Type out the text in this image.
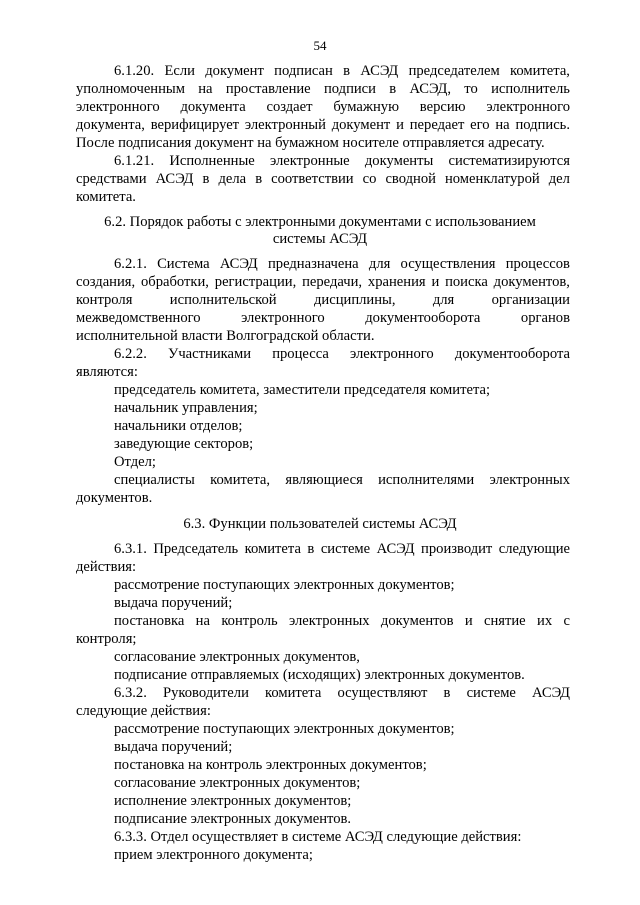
54
6.1.20. Если документ подписан в АСЭД председателем комитета,
уполномоченным на проставление подписи в АСЭД, то исполнитель
электронного документа создает бумажную версию электронного
документа, верифицирует электронный документ и передает его на подпись.
После подписания документ на бумажном носителе отправляется адресату.
6.1.21. Исполненные электронные документы систематизируются
средствами АСЭД в дела в соответствии со сводной номенклатурой дел
комитета.
6.2. Порядок работы с электронными документами с использованием
системы АСЭД
6.2.1. Система АСЭД предназначена для осуществления процессов
создания, обработки, регистрации, передачи, хранения и поиска документов,
контроля	исполнительской	дисциплины,	для	организации
межведомственного	электронного	документооборота	органов
исполнительной власти Волгоградской области.
6.2.2. Участниками процесса электронного документооборота
являются:
председатель комитета, заместители председателя комитета;
начальник управления;
начальники отделов;
заведующие секторов;
Отдел;
специалисты комитета, являющиеся исполнителями электронных
документов.
6.3. Функции пользователей системы АСЭД
6.3.1. Председатель комитета в системе АСЭД производит следующие
действия:
рассмотрение поступающих электронных документов;
выдача поручений;
постановка на контроль электронных документов и снятие их с
контроля;
согласование электронных документов,
подписание отправляемых (исходящих) электронных документов.
6.3.2. Руководители комитета осуществляют в системе АСЭД
следующие действия:
рассмотрение поступающих электронных документов;
выдача поручений;
постановка на контроль электронных документов;
согласование электронных документов;
исполнение электронных документов;
подписание электронных документов.
6.3.3. Отдел осуществляет в системе АСЭД следующие действия:
прием электронного документа;
